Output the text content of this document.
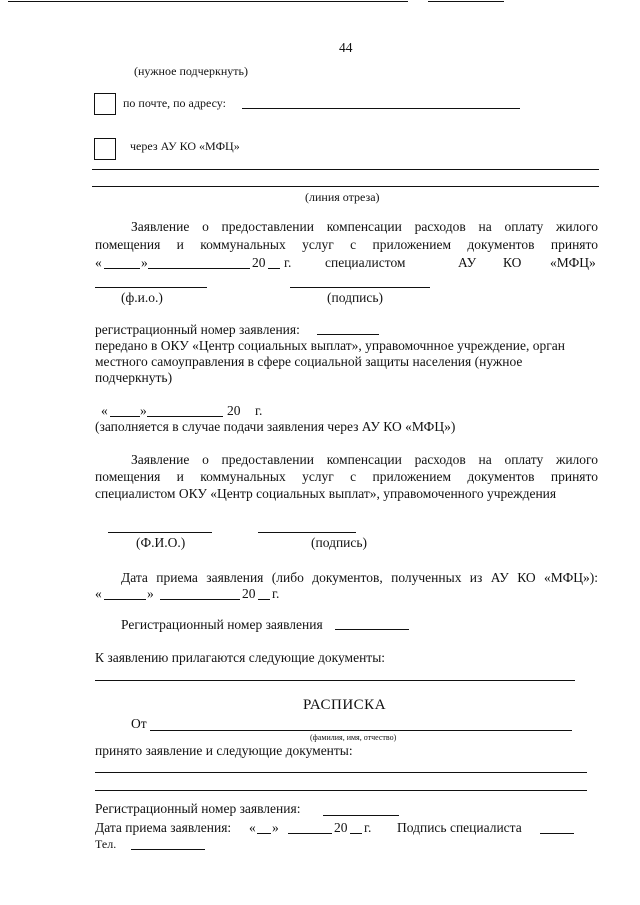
44
(нужное подчеркнуть)
по почте, по адресу:
через АУ КО «МФЦ»
(линия отреза)
Заявление о предоставлении компенсации расходов на оплату жилого
помещения и коммунальных услуг с приложением документов принято
«	»	20 г. специалистом	АУ КО «МФЦ»
(ф.и.о.)	(подпись)
регистрационный номер заявления:
передано в ОКУ «Центр социальных выплат», управомочнное учреждение, орган
местного самоуправления в сфере социальной защиты населения (нужное
подчеркнуть)
« »	20 г.
(заполняется в случае подачи заявления через АУ КО «МФЦ»)
Заявление о предоставлении компенсации расходов на оплату жилого
помещения и коммунальных услуг с приложением документов принято
специалистом ОКУ «Центр социальных выплат», управомоченного учреждения
(Ф.И.О.)	(подпись)
Дата приема заявления (либо документов, полученных из АУ КО «МФЦ»):
«	»	20 г.
Регистрационный номер заявления
К заявлению прилагаются следующие документы:
РАСПИСКА
От
(фамилия, имя, отчество)
принято заявление и следующие документы:
Регистрационный номер заявления:
Дата приема заявления: « »	20 г. Подпись специалиста
Тел.
